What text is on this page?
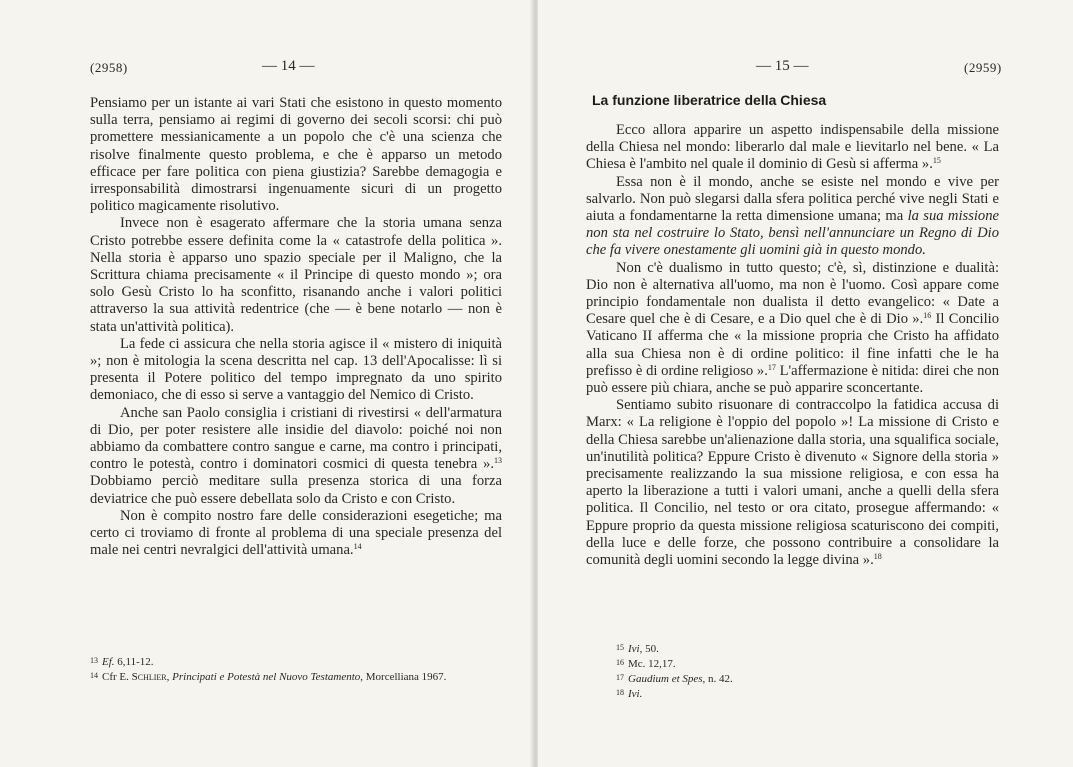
(2958)	— 14 —

Pensiamo per un istante ai vari Stati che esistono in questo momento sulla terra, pensiamo ai regimi di governo dei secoli scorsi: chi può promettere messianicamente a un popolo che c'è una scienza che risolve finalmente questo problema, e che è apparso un metodo efficace per fare politica con piena giustizia? Sarebbe demagogia e irresponsabilità dimostrarsi ingenuamente sicuri di un progetto politico magicamente risolutivo.

Invece non è esagerato affermare che la storia umana senza Cristo potrebbe essere definita come la « catastrofe della politica ». Nella storia è apparso uno spazio speciale per il Maligno, che la Scrittura chiama precisamente « il Principe di questo mondo »; ora solo Gesù Cristo lo ha sconfitto, risanando anche i valori politici attraverso la sua attività redentrice (che — è bene notarlo — non è stata un'attività politica).

La fede ci assicura che nella storia agisce il « mistero di iniquità »; non è mitologia la scena descritta nel cap. 13 dell'Apocalisse: lì si presenta il Potere politico del tempo impregnato da uno spirito demoniaco, che di esso si serve a vantaggio del Nemico di Cristo.

Anche san Paolo consiglia i cristiani di rivestirsi « dell'armatura di Dio, per poter resistere alle insidie del diavolo: poiché noi non abbiamo da combattere contro sangue e carne, ma contro i principati, contro le potestà, contro i dominatori cosmici di questa tenebra ».$^{13}$ Dobbiamo perciò meditare sulla presenza storica di una forza deviatrice che può essere debellata solo da Cristo e con Cristo.

Non è compito nostro fare delle considerazioni esegetiche; ma certo ci troviamo di fronte al problema di una speciale presenza del male nei centri nevralgici dell'attività umana.$^{14}$

13 Ef. 6,11-12.

14 Cfr E. Schlier, Principati e Potestà nel Nuovo Testamento, Morcelliana 1967.

— 15 —	(2959)
La funzione liberatrice della Chiesa

Ecco allora apparire un aspetto indispensabile della missione della Chiesa nel mondo: liberarlo dal male e lievitarlo nel bene. « La Chiesa è l'ambito nel quale il dominio di Gesù si afferma ».$^{15}$

Essa non è il mondo, anche se esiste nel mondo e vive per salvarlo. Non può slegarsi dalla sfera politica perché vive negli Stati e aiuta a fondamentarne la retta dimensione umana; ma la sua missione non sta nel costruire lo Stato, bensì nell'annunciare un Regno di Dio che fa vivere onestamente gli uomini già in questo mondo.

Non c'è dualismo in tutto questo; c'è, sì, distinzione e dualità: Dio non è alternativa all'uomo, ma non è l'uomo. Così appare come principio fondamentale non dualista il detto evangelico: « Date a Cesare quel che è di Cesare, e a Dio quel che è di Dio ».$^{16}$ Il Concilio Vaticano II afferma che « la missione propria che Cristo ha affidato alla sua Chiesa non è di ordine politico: il fine infatti che le ha prefisso è di ordine religioso ».$^{17}$ L'affermazione è nitida: direi che non può essere più chiara, anche se può apparire sconcertante.

Sentiamo subito risuonare di contraccolpo la fatidica accusa di Marx: « La religione è l'oppio del popolo »! La missione di Cristo e della Chiesa sarebbe un'alienazione dalla storia, una squalifica sociale, un'inutilità politica? Eppure Cristo è divenuto « Signore della storia » precisamente realizzando la sua missione religiosa, e con essa ha aperto la liberazione a tutti i valori umani, anche a quelli della sfera politica. Il Concilio, nel testo or ora citato, prosegue affermando: « Eppure proprio da questa missione religiosa scaturiscono dei compiti, della luce e delle forze, che possono contribuire a consolidare la comunità degli uomini secondo la legge divina ».$^{18}$

15 Ivi, 50.

16 Mc. 12,17.

17 Gaudium et Spes, n. 42.

18 Ivi.
